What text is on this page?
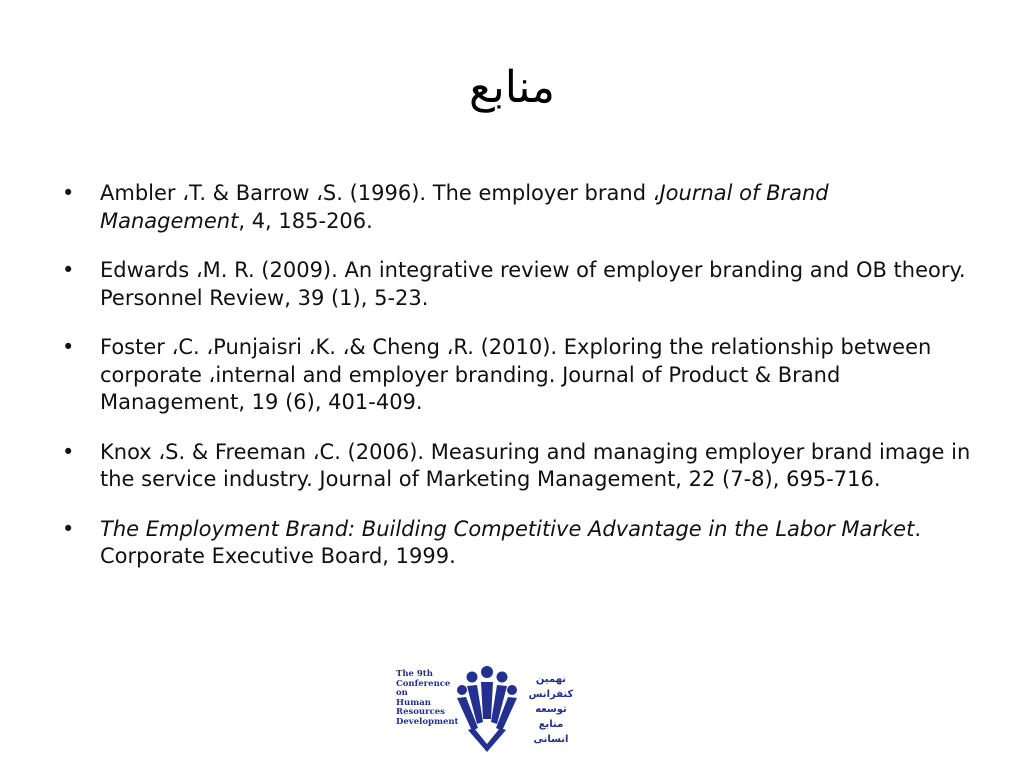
منابع
•	Ambler ،T. & Barrow ،S. (1996). The employer brand ،Journal of Brand Management, 4, 185-206.
•	Edwards ،M. R. (2009). An integrative review of employer branding and OB theory. Personnel Review, 39 (1), 5-23.
•	Foster ،C. ،Punjaisri ،K. ،& Cheng ،R. (2010). Exploring the relationship between corporate ،internal and employer branding. Journal of Product & Brand Management, 19 (6), 401-409.
•	Knox ،S. & Freeman ،C. (2006). Measuring and managing employer brand image in the service industry. Journal of Marketing Management, 22 (7-8), 695-716.
•	The Employment Brand: Building Competitive Advantage in the Labor Market. Corporate Executive Board, 1999.
The 9th
Conference
on
Human
Resources
Development
نهمین
کنفرانس
توسعه
منابع انسانی
